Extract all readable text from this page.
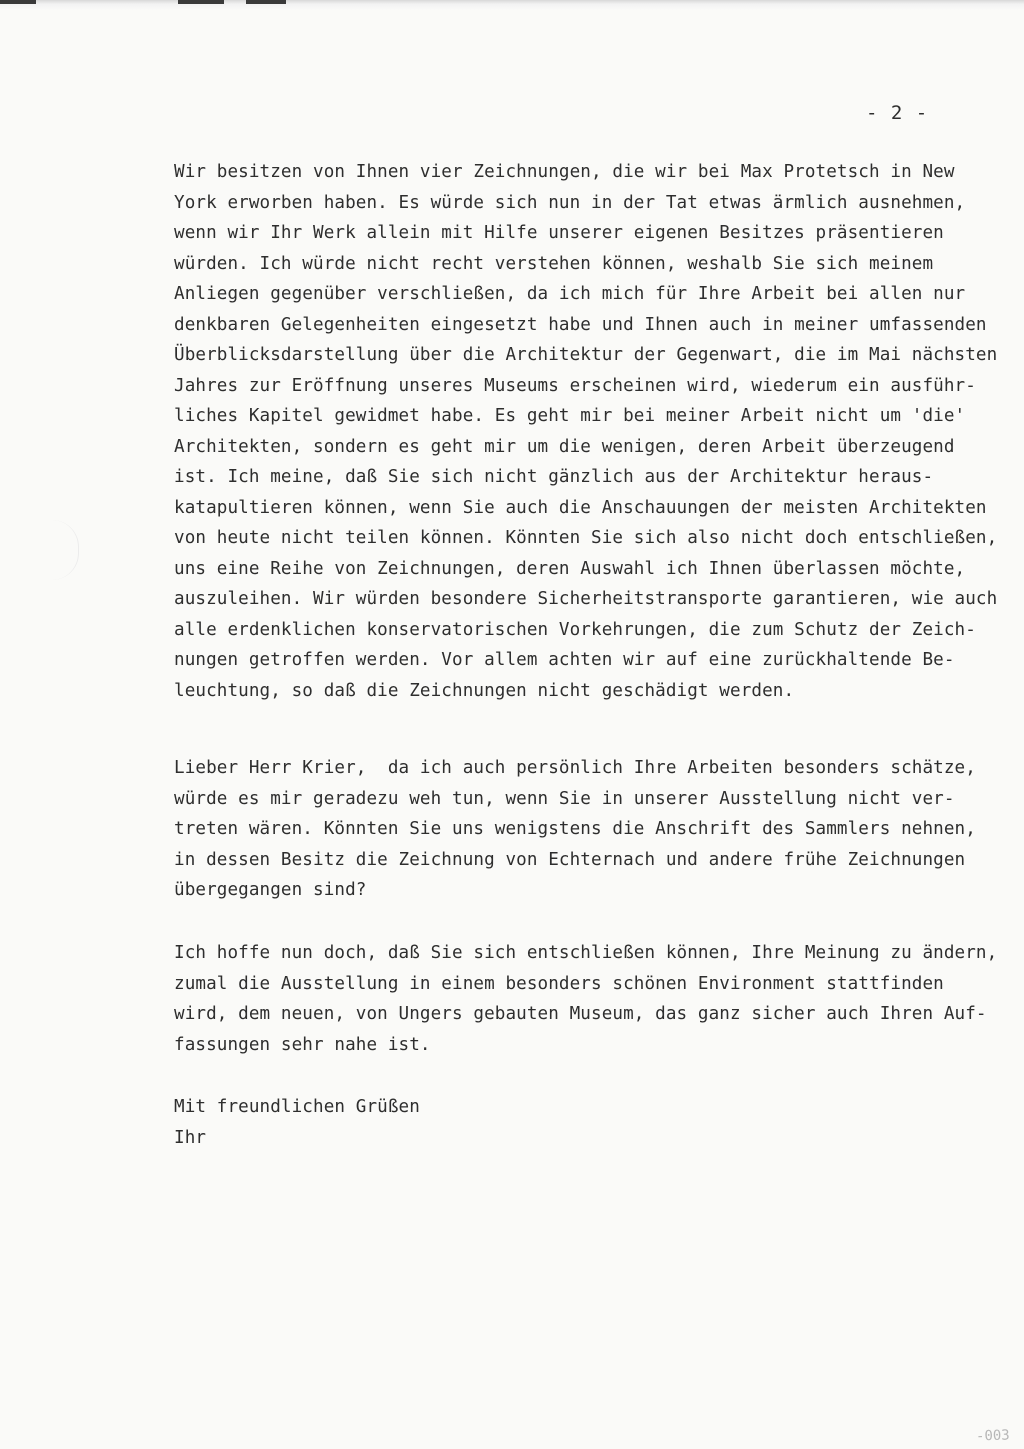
- 2 -
Wir besitzen von Ihnen vier Zeichnungen, die wir bei Max Protetsch in New
York erworben haben. Es würde sich nun in der Tat etwas ärmlich ausnehmen,
wenn wir Ihr Werk allein mit Hilfe unserer eigenen Besitzes präsentieren
würden. Ich würde nicht recht verstehen können, weshalb Sie sich meinem
Anliegen gegenüber verschließen, da ich mich für Ihre Arbeit bei allen nur
denkbaren Gelegenheiten eingesetzt habe und Ihnen auch in meiner umfassenden
Überblicksdarstellung über die Architektur der Gegenwart, die im Mai nächsten
Jahres zur Eröffnung unseres Museums erscheinen wird, wiederum ein ausführ-
liches Kapitel gewidmet habe. Es geht mir bei meiner Arbeit nicht um 'die'
Architekten, sondern es geht mir um die wenigen, deren Arbeit überzeugend
ist. Ich meine, daß Sie sich nicht gänzlich aus der Architektur heraus-
katapultieren können, wenn Sie auch die Anschauungen der meisten Architekten
von heute nicht teilen können. Könnten Sie sich also nicht doch entschließen,
uns eine Reihe von Zeichnungen, deren Auswahl ich Ihnen überlassen möchte,
auszuleihen. Wir würden besondere Sicherheitstransporte garantieren, wie auch
alle erdenklichen konservatorischen Vorkehrungen, die zum Schutz der Zeich-
nungen getroffen werden. Vor allem achten wir auf eine zurückhaltende Be-
leuchtung, so daß die Zeichnungen nicht geschädigt werden.
Lieber Herr Krier,  da ich auch persönlich Ihre Arbeiten besonders schätze,
würde es mir geradezu weh tun, wenn Sie in unserer Ausstellung nicht ver-
treten wären. Könnten Sie uns wenigstens die Anschrift des Sammlers nehnen,
in dessen Besitz die Zeichnung von Echternach und andere frühe Zeichnungen
übergegangen sind?
Ich hoffe nun doch, daß Sie sich entschließen können, Ihre Meinung zu ändern,
zumal die Ausstellung in einem besonders schönen Environment stattfinden
wird, dem neuen, von Ungers gebauten Museum, das ganz sicher auch Ihren Auf-
fassungen sehr nahe ist.
Mit freundlichen Grüßen
Ihr
-003
